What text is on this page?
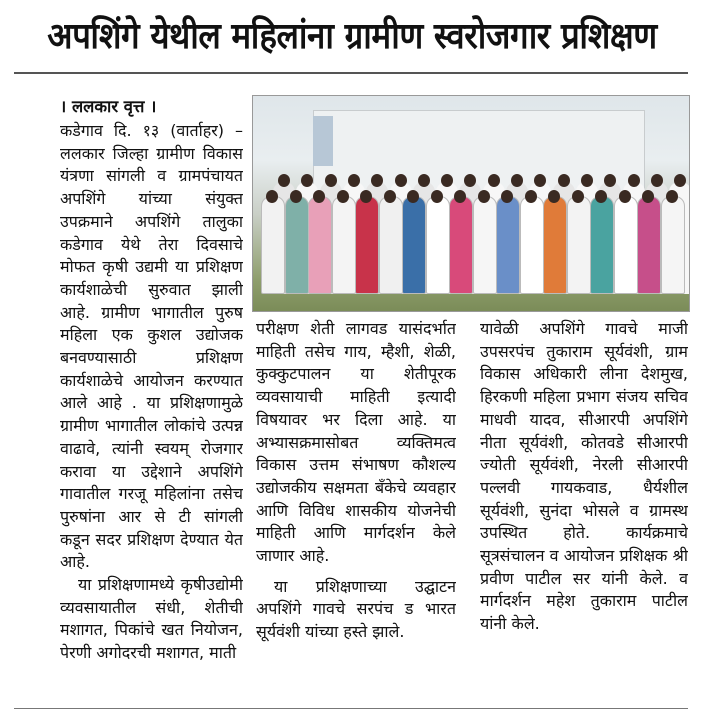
अपशिंगे येथील महिलांना ग्रामीण स्वरोजगार प्रशिक्षण
। ललकार वृत्त ।

कडेगाव दि. १३ (वार्ताहर) – ललकार जिल्हा ग्रामीण विकास यंत्रणा सांगली व ग्रामपंचायत अपशिंगे यांच्या संयुक्त उपक्रमाने अपशिंगे तालुका कडेगाव येथे तेरा दिवसाचे मोफत कृषी उद्यमी या प्रशिक्षण कार्यशाळेची सुरुवात झाली आहे. ग्रामीण भागातील पुरुष महिला एक कुशल उद्योजक बनवण्यासाठी प्रशिक्षण कार्यशाळेचे आयोजन करण्यात आले आहे . या प्रशिक्षणामुळे ग्रामीण भागातील लोकांचे उत्पन्न वाढावे, त्यांनी स्वयम् रोजगार करावा या उद्देशाने अपशिंगे गावातील गरजू महिलांना तसेच पुरुषांना आर से टी सांगली कडून सदर प्रशिक्षण देण्यात येत आहे.

या प्रशिक्षणामध्ये कृषीउद्योमी व्यवसायातील संधी, शेतीची मशागत, पिकांचे खत नियोजन, पेरणी अगोदरची मशागत, माती

परीक्षण शेती लागवड यासंदर्भात माहिती तसेच गाय, म्हैशी, शेळी, कुक्कुटपालन या शेतीपूरक व्यवसायाची माहिती इत्यादी विषयावर भर दिला आहे. या अभ्यासक्रमासोबत व्यक्तिमत्व विकास उत्तम संभाषण कौशल्य उद्योजकीय सक्षमता बँकेचे व्यवहार आणि विविध शासकीय योजनेची माहिती आणि मार्गदर्शन केले जाणार आहे.

या प्रशिक्षणाच्या उद्घाटन अपशिंगे गावचे सरपंच ड भारत सूर्यवंशी यांच्या हस्ते झाले.

यावेळी अपशिंगे गावचे माजी उपसरपंच तुकाराम सूर्यवंशी, ग्राम विकास अधिकारी लीना देशमुख, हिरकणी महिला प्रभाग संजय सचिव माधवी यादव, सीआरपी अपशिंगे नीता सूर्यवंशी, कोतवडे सीआरपी ज्योती सूर्यवंशी, नेरली सीआरपी पल्लवी गायकवाड, धैर्यशील सूर्यवंशी, सुनंदा भोसले व ग्रामस्थ उपस्थित होते. कार्यक्रमाचे सूत्रसंचालन व आयोजन प्रशिक्षक श्री प्रवीण पाटील सर यांनी केले. व मार्गदर्शन महेश तुकाराम पाटील यांनी केले.
